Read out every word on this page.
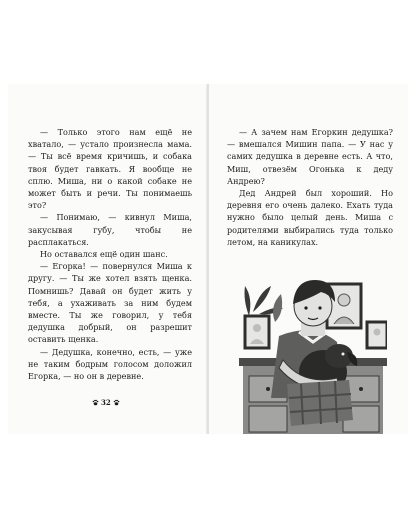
— Только этого нам ещё не хватало, — устало произнесла мама. — Ты всё время кричишь, и собака твоя будет гавкать. Я вообще не сплю. Миша, ни о какой собаке не может быть и речи. Ты понимаешь это?

— Понимаю, — кивнул Миша, закусывая губу, чтобы не расплакаться.

Но оставался ещё один шанс.

— Егорка! — повернулся Миша к другу. — Ты же хотел взять щенка. Помнишь? Давай он будет жить у тебя, а ухаживать за ним будем вместе. Ты же говорил, у тебя дедушка добрый, он разрешит оставить щенка.

— Дедушка, конечно, есть, — уже не таким бодрым голосом доложил Егорка, — но он в деревне.

32

— А зачем нам Егоркин дедушка? — вмешался Мишин папа. — У нас у самих дедушка в деревне есть. А что, Миш, отвезём Огонька к деду Андрею?

Дед Андрей был хороший. Но деревня его очень далеко. Ехать туда нужно было целый день. Миша с родителями выбирались туда только летом, на каникулах.
